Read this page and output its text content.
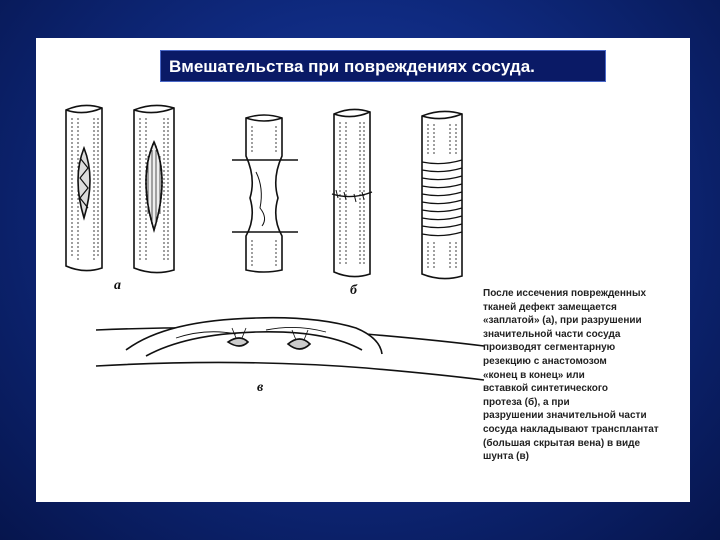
Вмешательства при повреждениях сосуда.
а	б
в
После иссечения поврежденных
тканей дефект замещается
«заплатой» (а), при разрушении
значительной части сосуда
производят сегментарную
резекцию с анастомозом
«конец в конец» или
вставкой синтетического
протеза (б), а при
разрушении значительной части
сосуда накладывают трансплантат
(большая скрытая вена) в виде
шунта (в)
